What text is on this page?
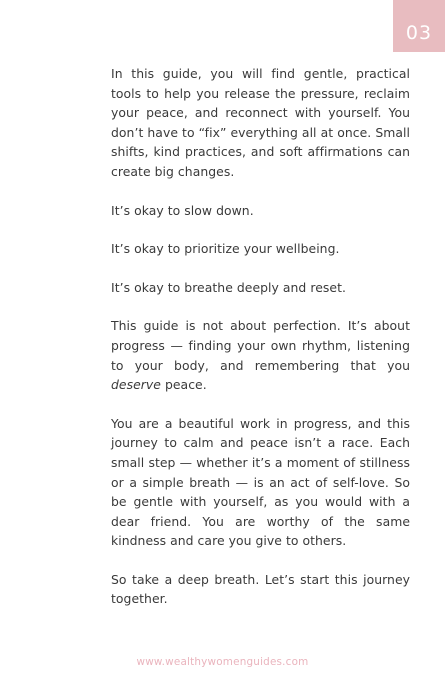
03

In this guide, you will find gentle, practical tools to help you release the pressure, reclaim your peace, and reconnect with yourself. You don’t have to “fix” everything all at once. Small shifts, kind practices, and soft affirmations can create big changes.

It’s okay to slow down.

It’s okay to prioritize your wellbeing.

It’s okay to breathe deeply and reset.

This guide is not about perfection. It’s about progress — finding your own rhythm, listening to your body, and remembering that you deserve peace.

You are a beautiful work in progress, and this journey to calm and peace isn’t a race. Each small step — whether it’s a moment of stillness or a simple breath — is an act of self-love. So be gentle with yourself, as you would with a dear friend. You are worthy of the same kindness and care you give to others.

So take a deep breath. Let’s start this journey together.

www.wealthywomenguides.com
